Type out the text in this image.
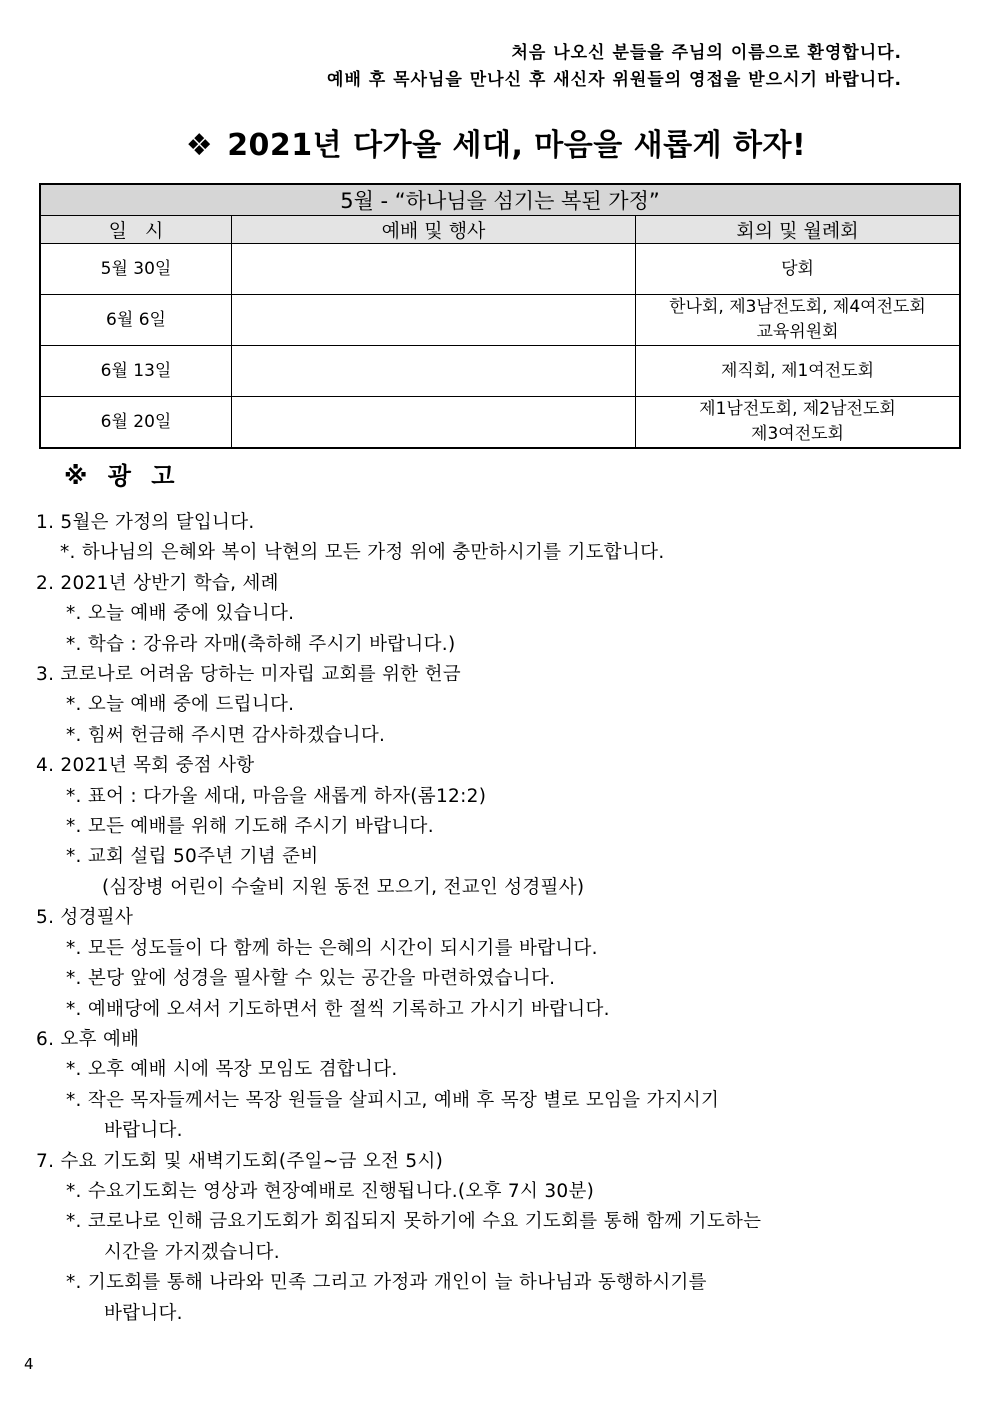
처음 나오신 분들을 주님의 이름으로 환영합니다.
예배 후 목사님을 만나신 후 새신자 위원들의 영접을 받으시기 바랍니다.
❖ 2021년 다가올 세대, 마음을 새롭게 하자!
5월 - “하나님을 섬기는 복된 가정”		
일   시	예배 및 행사	회의 및 월례회
5월 30일		당회

6월 6일		한나회, 제3남전도회, 제4여전도회
교육위원회

6월 13일		제직회, 제1여전도회

6월 20일		제1남전도회, 제2남전도회
제3여전도회
※ 광 고
1. 5월은 가정의 달입니다.
*. 하나님의 은혜와 복이 낙현의 모든 가정 위에 충만하시기를 기도합니다.
2. 2021년 상반기 학습, 세례
*. 오늘 예배 중에 있습니다.
*. 학습 : 강유라 자매(축하해 주시기 바랍니다.)
3. 코로나로 어려움 당하는 미자립 교회를 위한 헌금
*. 오늘 예배 중에 드립니다.
*. 힘써 헌금해 주시면 감사하겠습니다.
4. 2021년 목회 중점 사항
*. 표어 : 다가올 세대, 마음을 새롭게 하자(롬12:2)
*. 모든 예배를 위해 기도해 주시기 바랍니다.
*. 교회 설립 50주년 기념 준비
(심장병 어린이 수술비 지원 동전 모으기, 전교인 성경필사)
5. 성경필사
*. 모든 성도들이 다 함께 하는 은혜의 시간이 되시기를 바랍니다.
*. 본당 앞에 성경을 필사할 수 있는 공간을 마련하였습니다.
*. 예배당에 오셔서 기도하면서 한 절씩 기록하고 가시기 바랍니다.
6. 오후 예배
*. 오후 예배 시에 목장 모임도 겸합니다.
*. 작은 목자들께서는 목장 원들을 살피시고, 예배 후 목장 별로 모임을 가지시기
바랍니다.
7. 수요 기도회 및 새벽기도회(주일~금 오전 5시)
*. 수요기도회는 영상과 현장예배로 진행됩니다.(오후 7시 30분)
*. 코로나로 인해 금요기도회가 회집되지 못하기에 수요 기도회를 통해 함께 기도하는
시간을 가지겠습니다.
*. 기도회를 통해 나라와 민족 그리고 가정과 개인이 늘 하나님과 동행하시기를
바랍니다.
4
